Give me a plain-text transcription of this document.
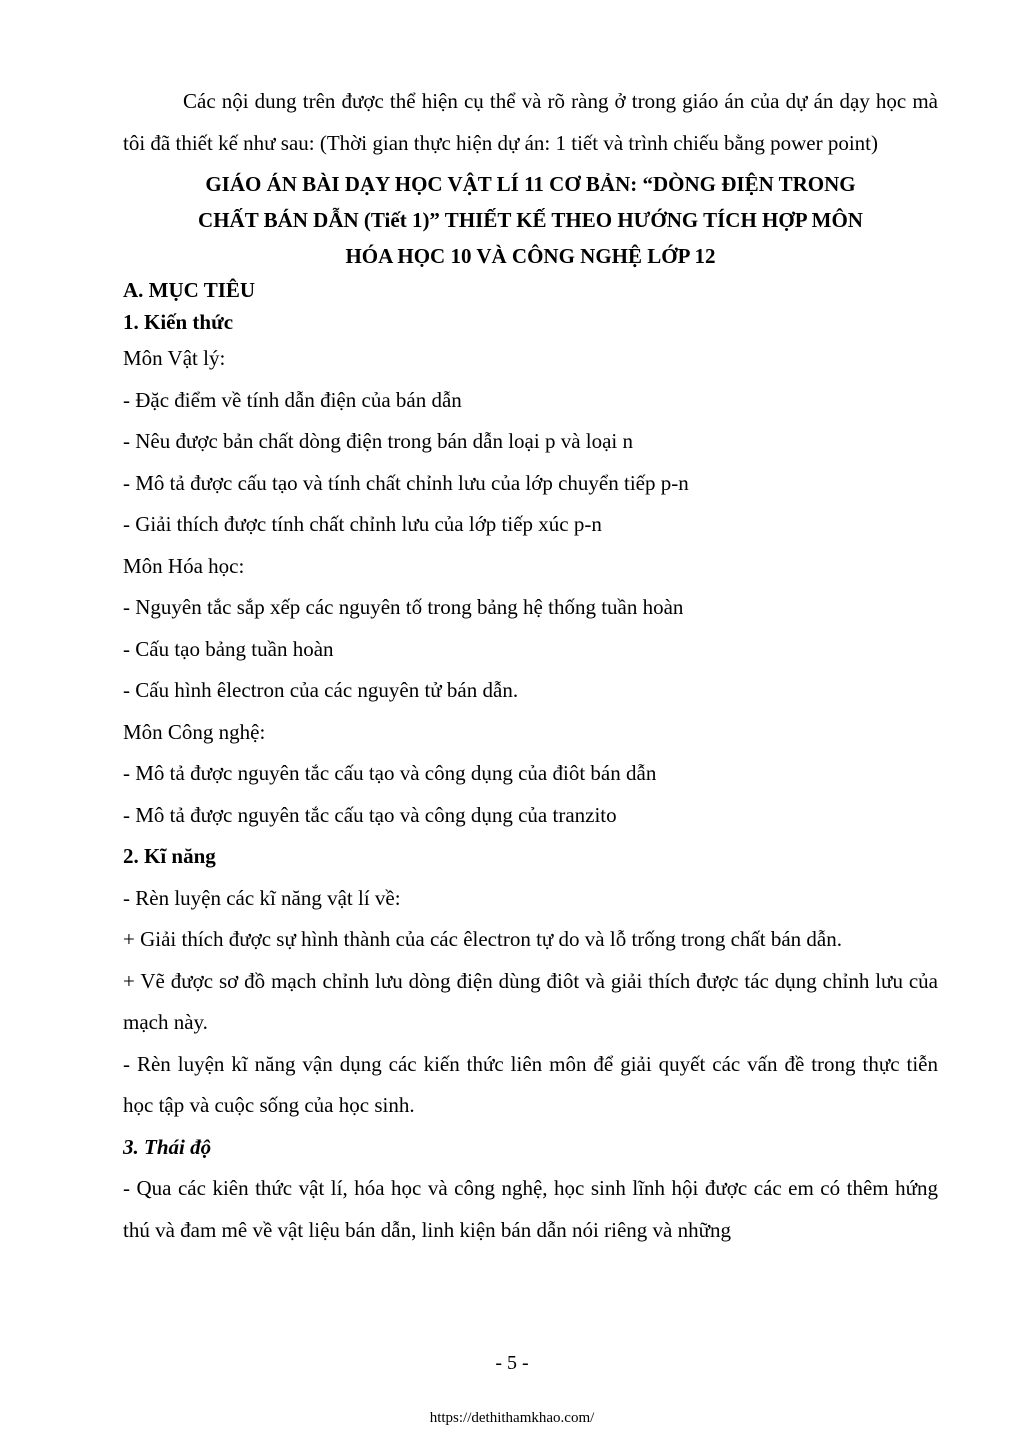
Các nội dung trên được thể hiện cụ thể và rõ ràng ở trong giáo án của dự án dạy học mà tôi đã thiết kế như sau: (Thời gian thực hiện dự án: 1 tiết và trình chiếu bằng power point)

GIÁO ÁN BÀI DẠY HỌC VẬT LÍ 11 CƠ BẢN: “DÒNG ĐIỆN TRONG

CHẤT BÁN DẪN (Tiết 1)” THIẾT KẾ THEO HƯỚNG TÍCH HỢP MÔN

HÓA HỌC 10 VÀ CÔNG NGHỆ LỚP 12

A. MỤC TIÊU

1. Kiến thức

Môn Vật lý:

- Đặc điểm về tính dẫn điện của bán dẫn

- Nêu được bản chất dòng điện trong bán dẫn loại p và loại n

- Mô tả được cấu tạo và tính chất chỉnh lưu của lớp chuyển tiếp p-n

- Giải thích được tính chất chỉnh lưu của lớp tiếp xúc p-n

Môn Hóa học:

- Nguyên tắc sắp xếp các nguyên tố trong bảng hệ thống tuần hoàn

- Cấu tạo bảng tuần hoàn

- Cấu hình êlectron của các nguyên tử bán dẫn.

Môn Công nghệ:

- Mô tả được nguyên tắc cấu tạo và công dụng của điôt bán dẫn

- Mô tả được nguyên tắc cấu tạo và công dụng của tranzito

2. Kĩ năng

- Rèn luyện các kĩ năng vật lí về:

+ Giải thích được sự hình thành của các êlectron tự do và lỗ trống trong chất bán dẫn.

+ Vẽ được sơ đồ mạch chỉnh lưu dòng điện dùng điôt và giải thích được tác dụng chỉnh lưu của mạch này.

- Rèn luyện kĩ năng vận dụng các kiến thức liên môn để giải quyết các vấn đề trong thực tiễn học tập và cuộc sống của học sinh.

3. Thái độ

- Qua các kiên thức vật lí, hóa học và công nghệ, học sinh lĩnh hội được các em có thêm hứng thú và đam mê về vật liệu bán dẫn, linh kiện bán dẫn nói riêng và những

- 5 -
https://dethithamkhao.com/
